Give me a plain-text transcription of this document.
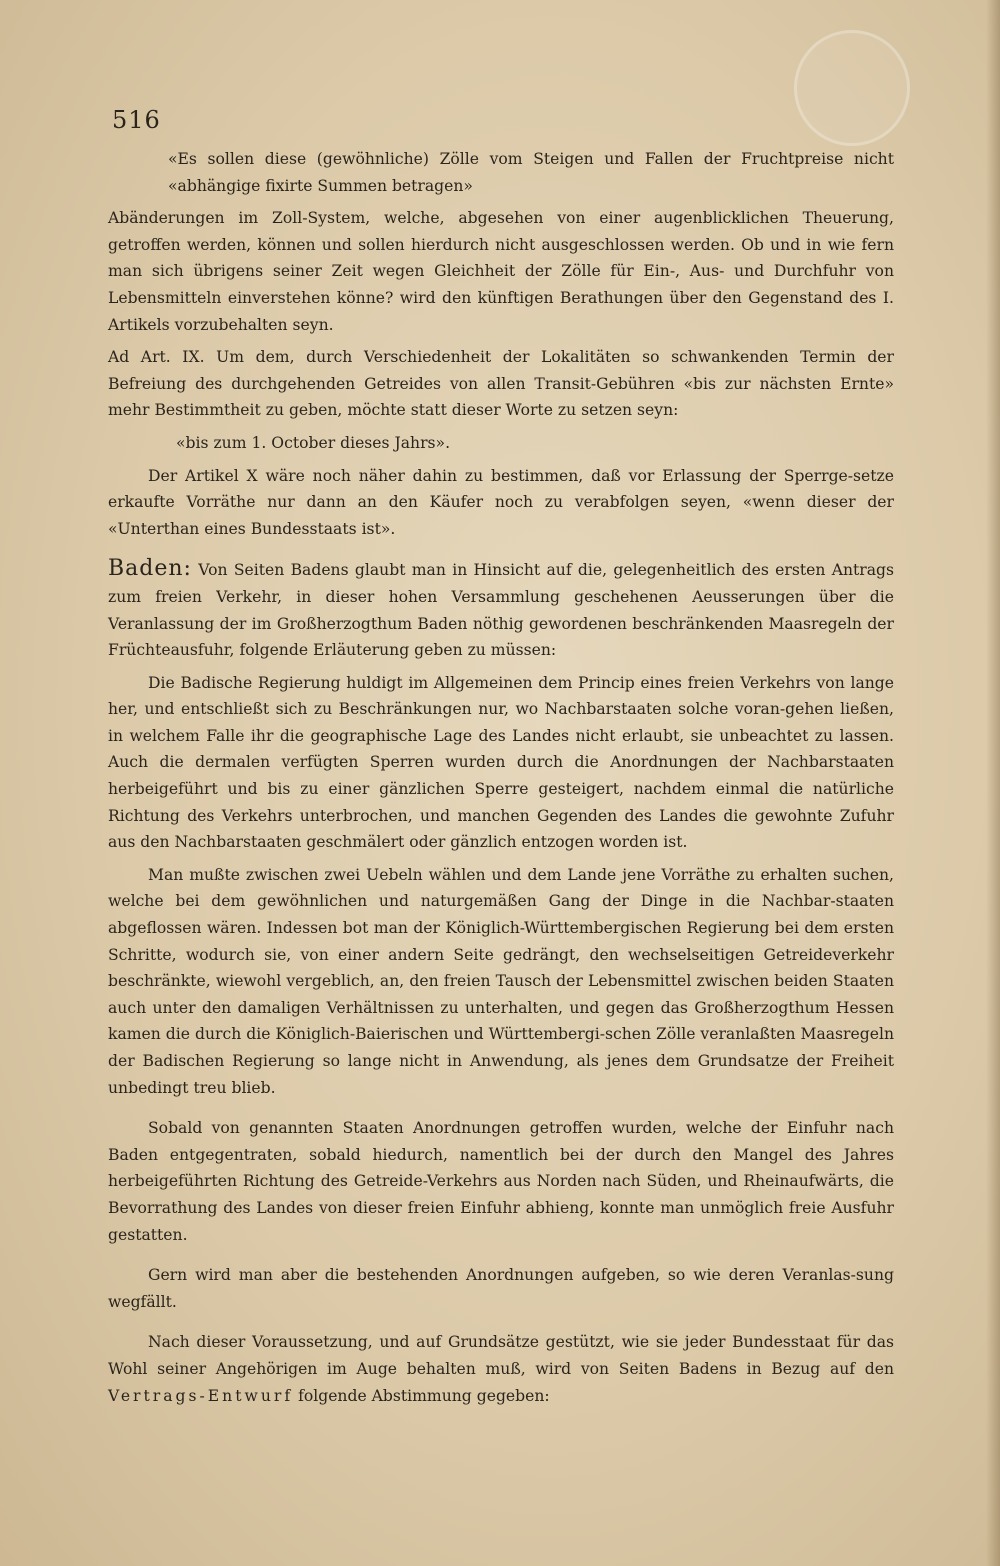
516

«Es sollen diese (gewöhnliche) Zölle vom Steigen und Fallen der Fruchtpreise nicht «abhängige fixirte Summen betragen»

Abänderungen im Zoll-System, welche, abgesehen von einer augenblicklichen Theuerung, getroffen werden, können und sollen hierdurch nicht ausgeschlossen werden. Ob und in wie fern man sich übrigens seiner Zeit wegen Gleichheit der Zölle für Ein-, Aus- und Durchfuhr von Lebensmitteln einverstehen könne? wird den künftigen Berathungen über den Gegenstand des I. Artikels vorzubehalten seyn.

Ad Art. IX. Um dem, durch Verschiedenheit der Lokalitäten so schwankenden Termin der Befreiung des durchgehenden Getreides von allen Transit-Gebühren «bis zur nächsten Ernte» mehr Bestimmtheit zu geben, möchte statt dieser Worte zu setzen seyn:

«bis zum 1. October dieses Jahrs».

Der Artikel X wäre noch näher dahin zu bestimmen, daß vor Erlassung der Sperrge-setze erkaufte Vorräthe nur dann an den Käufer noch zu verabfolgen seyen, «wenn dieser der «Unterthan eines Bundesstaats ist».

Baden: Von Seiten Badens glaubt man in Hinsicht auf die, gelegenheitlich des ersten Antrags zum freien Verkehr, in dieser hohen Versammlung geschehenen Aeusserungen über die Veranlassung der im Großherzogthum Baden nöthig gewordenen beschränkenden Maasregeln der Früchteausfuhr, folgende Erläuterung geben zu müssen:

Die Badische Regierung huldigt im Allgemeinen dem Princip eines freien Verkehrs von lange her, und entschließt sich zu Beschränkungen nur, wo Nachbarstaaten solche voran-gehen ließen, in welchem Falle ihr die geographische Lage des Landes nicht erlaubt, sie unbeachtet zu lassen. Auch die dermalen verfügten Sperren wurden durch die Anordnungen der Nachbarstaaten herbeigeführt und bis zu einer gänzlichen Sperre gesteigert, nachdem einmal die natürliche Richtung des Verkehrs unterbrochen, und manchen Gegenden des Landes die gewohnte Zufuhr aus den Nachbarstaaten geschmälert oder gänzlich entzogen worden ist.

Man mußte zwischen zwei Uebeln wählen und dem Lande jene Vorräthe zu erhalten suchen, welche bei dem gewöhnlichen und naturgemäßen Gang der Dinge in die Nachbar-staaten abgeflossen wären. Indessen bot man der Königlich-Württembergischen Regierung bei dem ersten Schritte, wodurch sie, von einer andern Seite gedrängt, den wechselseitigen Getreideverkehr beschränkte, wiewohl vergeblich, an, den freien Tausch der Lebensmittel zwischen beiden Staaten auch unter den damaligen Verhältnissen zu unterhalten, und gegen das Großherzogthum Hessen kamen die durch die Königlich-Baierischen und Württembergi-schen Zölle veranlaßten Maasregeln der Badischen Regierung so lange nicht in Anwendung, als jenes dem Grundsatze der Freiheit unbedingt treu blieb.

Sobald von genannten Staaten Anordnungen getroffen wurden, welche der Einfuhr nach Baden entgegentraten, sobald hiedurch, namentlich bei der durch den Mangel des Jahres herbeigeführten Richtung des Getreide-Verkehrs aus Norden nach Süden, und Rheinaufwärts, die Bevorrathung des Landes von dieser freien Einfuhr abhieng, konnte man unmöglich freie Ausfuhr gestatten.

Gern wird man aber die bestehenden Anordnungen aufgeben, so wie deren Veranlas-sung wegfällt.

Nach dieser Voraussetzung, und auf Grundsätze gestützt, wie sie jeder Bundesstaat für das Wohl seiner Angehörigen im Auge behalten muß, wird von Seiten Badens in Bezug auf den Vertrags-Entwurf folgende Abstimmung gegeben:
